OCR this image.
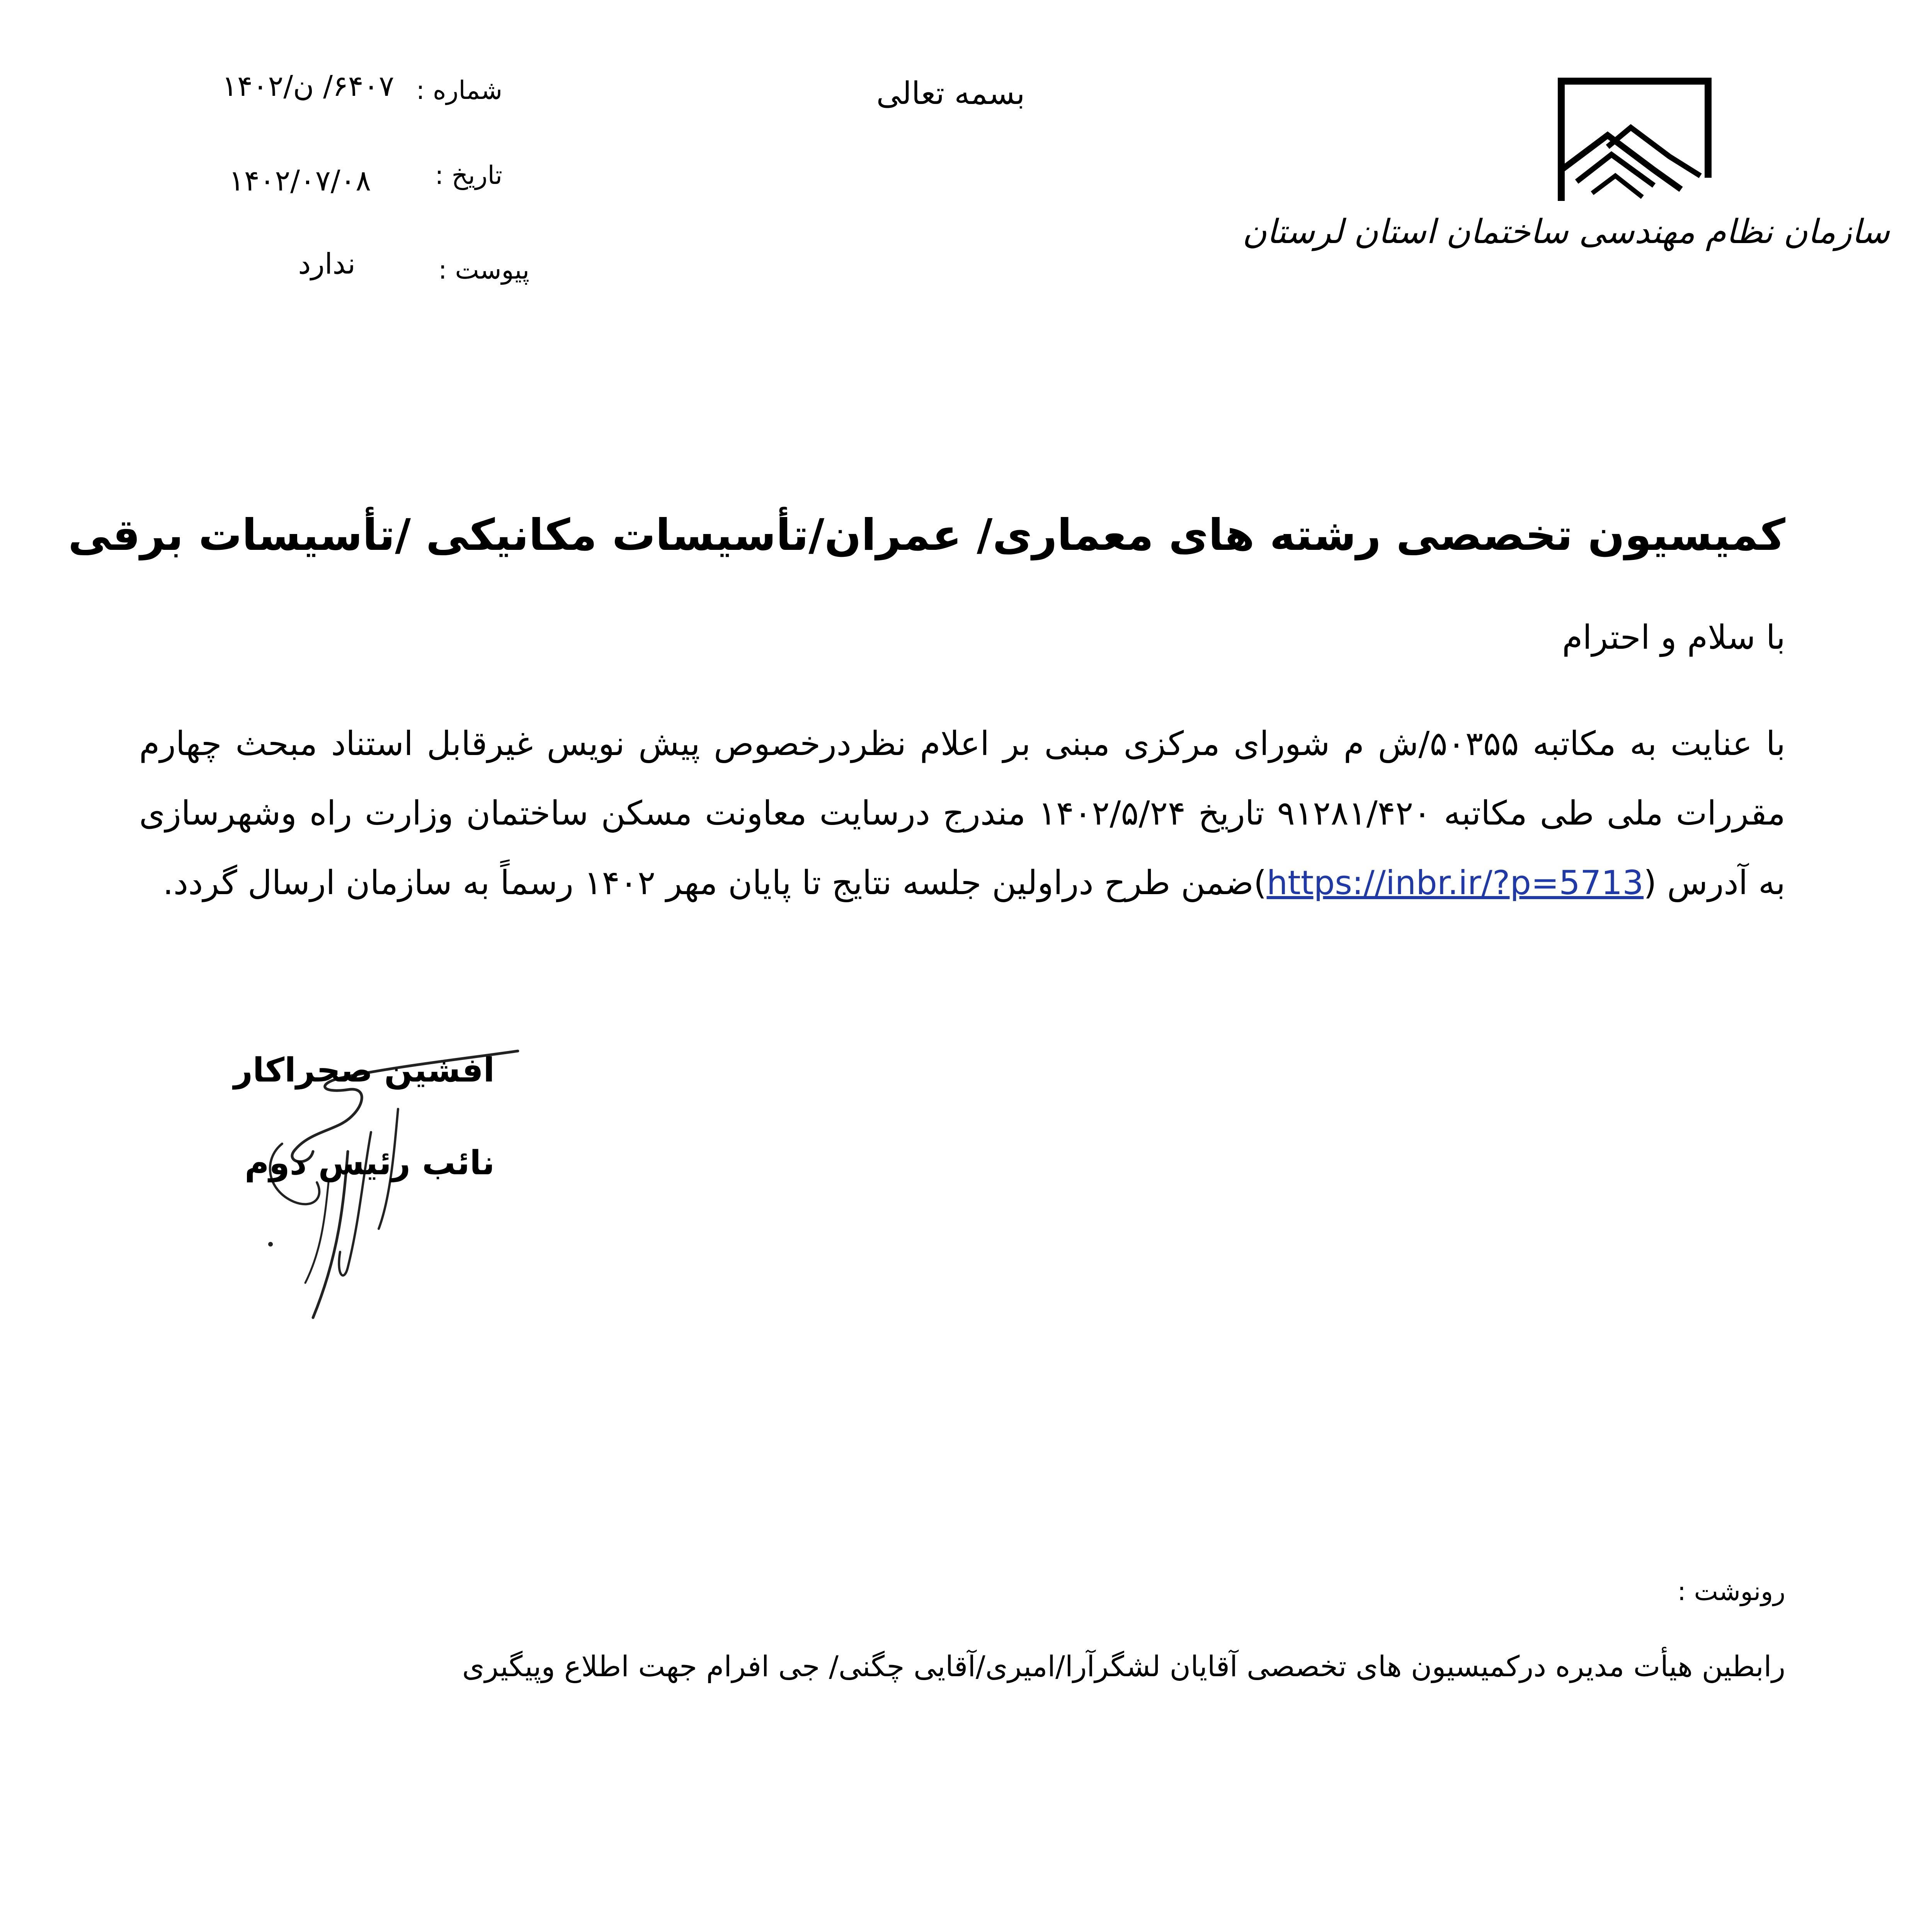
سازمان نظام مهندسی ساختمان استان لرستان
بسمه تعالی
شماره :
۶۴۰۷/ ن/۱۴۰۲
تاریخ :
۱۴۰۲/۰۷/۰۸
پیوست :
ندارد
کمیسیون تخصصی رشته های معماری/ عمران/تأسیسات مکانیکی /تأسیسات برقی
با سلام و احترام
با عنایت به مکاتبه ۵۰۳۵۵/ش م شورای مرکزی مبنی بر اعلام نظردرخصوص پیش نویس غیرقابل استناد مبحث چهارم مقررات ملی طی مکاتبه ۹۱۲۸۱/۴۲۰ تاریخ ۱۴۰۲/۵/۲۴ مندرج درسایت معاونت مسکن ساختمان وزارت راه وشهرسازی به آدرس (https://inbr.ir/?p=5713)ضمن طرح دراولین جلسه نتایج تا پایان مهر ۱۴۰۲ رسماً به سازمان ارسال گردد.
افشین صحراکار
نائب رئیس دوم
رونوشت :
رابطین هیأت مدیره درکمیسیون های تخصصی آقایان لشگرآرا/امیری/آقایی چگنی/ جی افرام جهت اطلاع وپیگیری
